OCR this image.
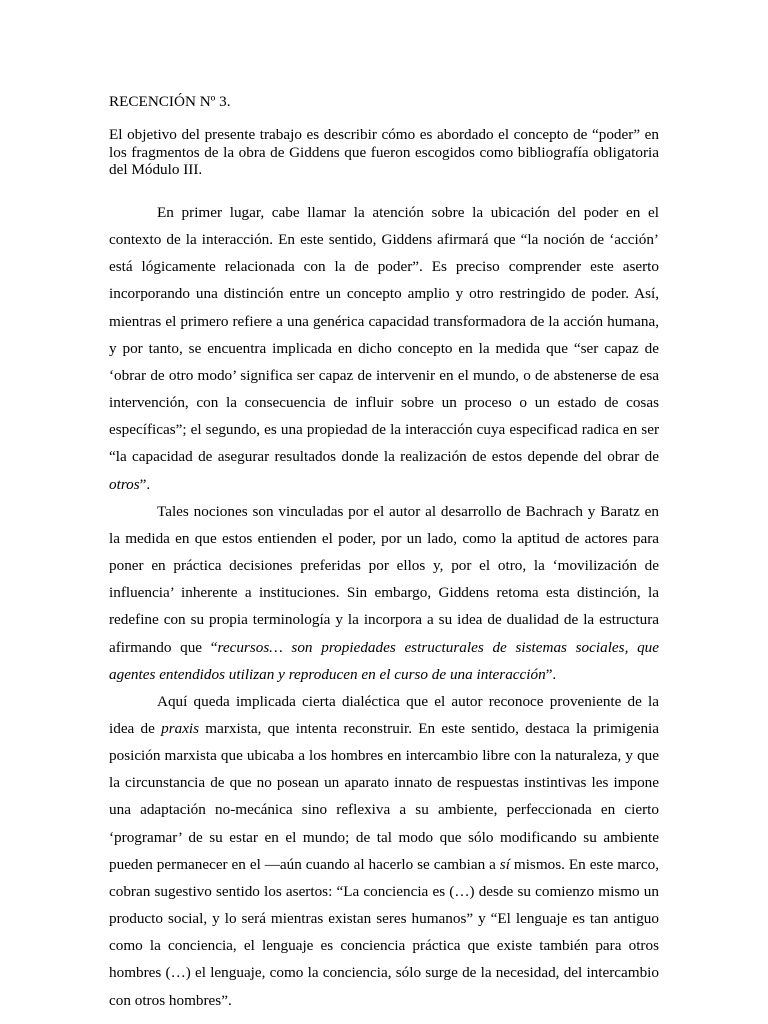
RECENCIÓN Nº 3.
El objetivo del presente trabajo es describir cómo es abordado el concepto de “poder” en los fragmentos de la obra de Giddens que fueron escogidos como bibliografía obligatoria del Módulo III.

En primer lugar, cabe llamar la atención sobre la ubicación del poder en el contexto de la interacción. En este sentido, Giddens afirmará que “la noción de ‘acción’ está lógicamente relacionada con la de poder”. Es preciso comprender este aserto incorporando una distinción entre un concepto amplio y otro restringido de poder. Así, mientras el primero refiere a una genérica capacidad transformadora de la acción humana, y por tanto, se encuentra implicada en dicho concepto en la medida que “ser capaz de ‘obrar de otro modo’ significa ser capaz de intervenir en el mundo, o de abstenerse de esa intervención, con la consecuencia de influir sobre un proceso o un estado de cosas específicas”; el segundo, es una propiedad de la interacción cuya especificad radica en ser “la capacidad de asegurar resultados donde la realización de estos depende del obrar de otros”.

Tales nociones son vinculadas por el autor al desarrollo de Bachrach y Baratz en la medida en que estos entienden el poder, por un lado, como la aptitud de actores para poner en práctica decisiones preferidas por ellos y, por el otro, la ‘movilización de influencia’ inherente a instituciones. Sin embargo, Giddens retoma esta distinción, la redefine con su propia terminología y la incorpora a su idea de dualidad de la estructura afirmando que “recursos… son propiedades estructurales de sistemas sociales, que agentes entendidos utilizan y reproducen en el curso de una interacción”.

Aquí queda implicada cierta dialéctica que el autor reconoce proveniente de la idea de praxis marxista, que intenta reconstruir. En este sentido, destaca la primigenia posición marxista que ubicaba a los hombres en intercambio libre con la naturaleza, y que la circunstancia de que no posean un aparato innato de respuestas instintivas les impone una adaptación no-mecánica sino reflexiva a su ambiente, perfeccionada en cierto ‘programar’ de su estar en el mundo; de tal modo que sólo modificando su ambiente pueden permanecer en el —aún cuando al hacerlo se cambian a sí mismos. En este marco, cobran sugestivo sentido los asertos: “La conciencia es (…) desde su comienzo mismo un producto social, y lo será mientras existan seres humanos” y “El lenguaje es tan antiguo como la conciencia, el lenguaje es conciencia práctica que existe también para otros hombres (…) el lenguaje, como la conciencia, sólo surge de la necesidad, del intercambio con otros hombres”.
